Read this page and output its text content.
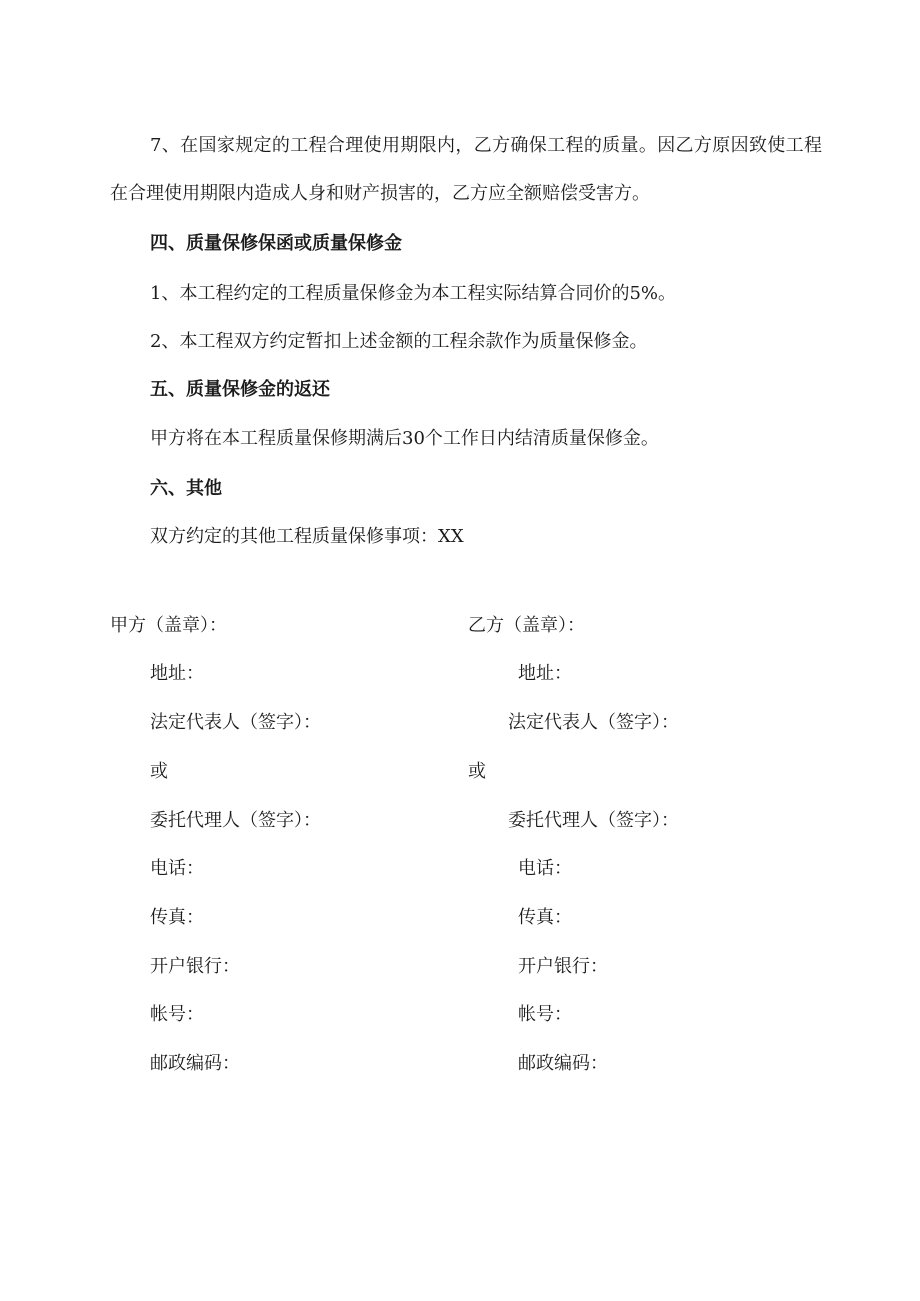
7、在国家规定的工程合理使用期限内，乙方确保工程的质量。因乙方原因致使工程在合理使用期限内造成人身和财产损害的，乙方应全额赔偿受害方。
四、质量保修保函或质量保修金
1、本工程约定的工程质量保修金为本工程实际结算合同价的5%。
2、本工程双方约定暂扣上述金额的工程余款作为质量保修金。
五、质量保修金的返还
甲方将在本工程质量保修期满后30个工作日内结清质量保修金。
六、其他
双方约定的其他工程质量保修事项：XX
甲方（盖章）：
地址：
法定代表人（签字）：
或
委托代理人（签字）：
电话：
传真：
开户银行：
帐号：
邮政编码：
乙方（盖章）：
地址：
法定代表人（签字）：
或
委托代理人（签字）：
电话：
传真：
开户银行：
帐号：
邮政编码：
